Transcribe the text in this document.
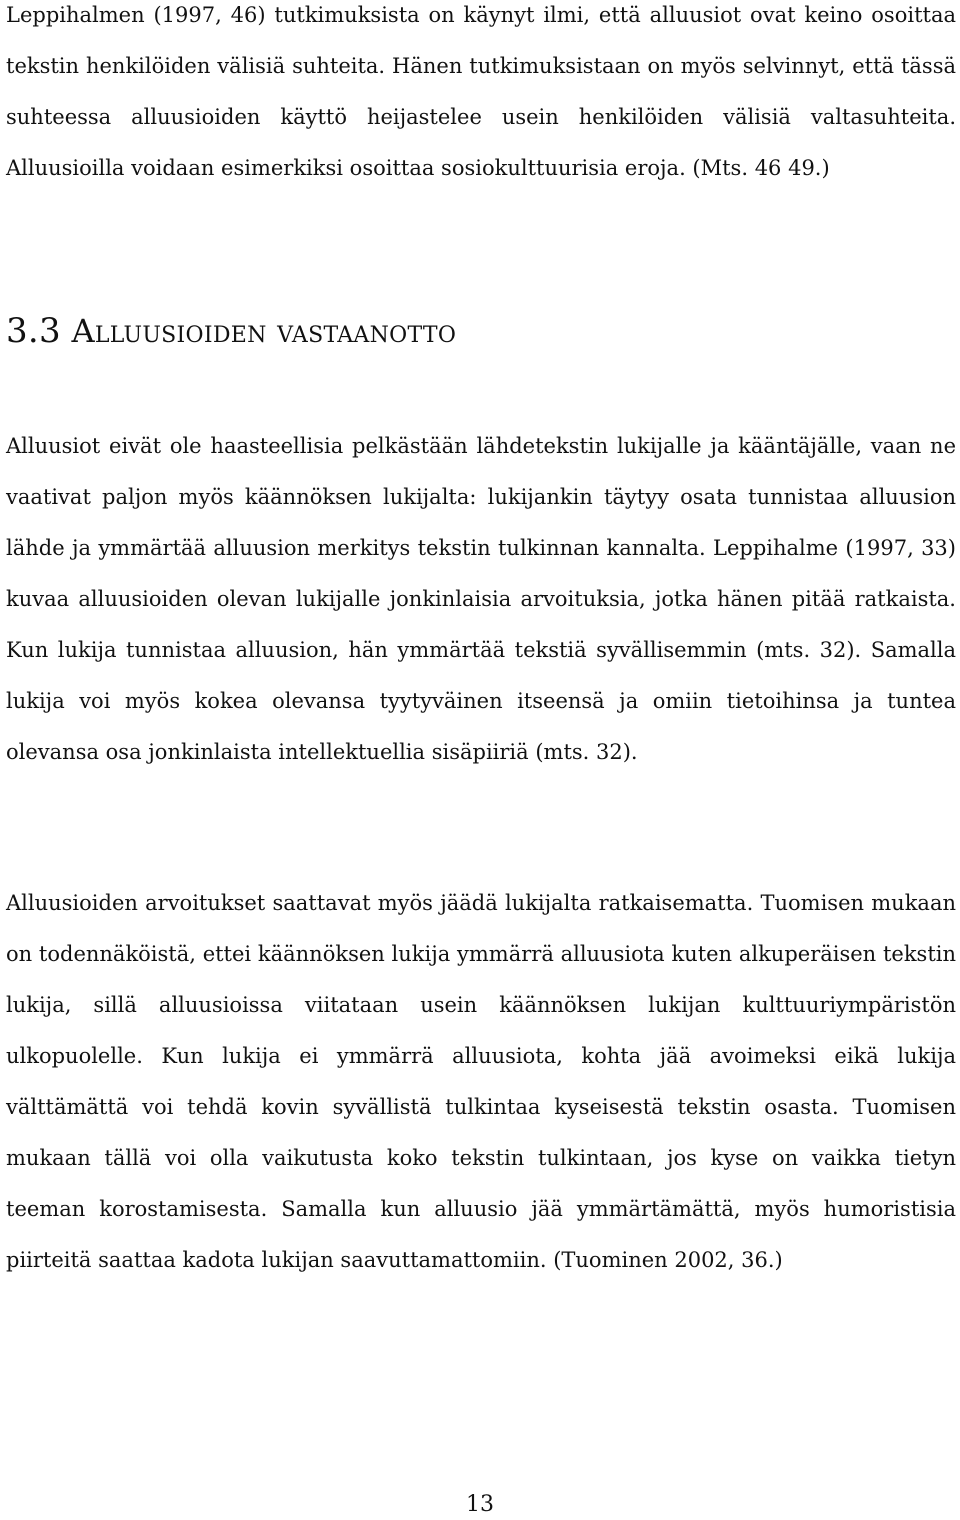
Leppihalmen (1997, 46) tutkimuksista on käynyt ilmi, että alluusiot ovat keino osoittaa tekstin henkilöiden välisiä suhteita. Hänen tutkimuksistaan on myös selvinnyt, että tässä suhteessa alluusioiden käyttö heijastelee usein henkilöiden välisiä valtasuhteita. Alluusioilla voidaan esimerkiksi osoittaa sosiokulttuurisia eroja. (Mts. 46 49.)

3.3 Alluusioiden vastaanotto

Alluusiot eivät ole haasteellisia pelkästään lähdetekstin lukijalle ja kääntäjälle, vaan ne vaativat paljon myös käännöksen lukijalta: lukijankin täytyy osata tunnistaa alluusion lähde ja ymmärtää alluusion merkitys tekstin tulkinnan kannalta. Leppihalme (1997, 33) kuvaa alluusioiden olevan lukijalle jonkinlaisia arvoituksia, jotka hänen pitää ratkaista. Kun lukija tunnistaa alluusion, hän ymmärtää tekstiä syvällisemmin (mts. 32). Samalla lukija voi myös kokea olevansa tyytyväinen itseensä ja omiin tietoihinsa ja tuntea olevansa osa jonkinlaista intellektuellia sisäpiiriä (mts. 32).

Alluusioiden arvoitukset saattavat myös jäädä lukijalta ratkaisematta. Tuomisen mukaan on todennäköistä, ettei käännöksen lukija ymmärrä alluusiota kuten alkuperäisen tekstin lukija, sillä alluusioissa viitataan usein käännöksen lukijan kulttuuriympäristön ulkopuolelle. Kun lukija ei ymmärrä alluusiota, kohta jää avoimeksi eikä lukija välttämättä voi tehdä kovin syvällistä tulkintaa kyseisestä tekstin osasta. Tuomisen mukaan tällä voi olla vaikutusta koko tekstin tulkintaan, jos kyse on vaikka tietyn teeman korostamisesta. Samalla kun alluusio jää ymmärtämättä, myös humoristisia piirteitä saattaa kadota lukijan saavuttamattomiin. (Tuominen 2002, 36.)

13
